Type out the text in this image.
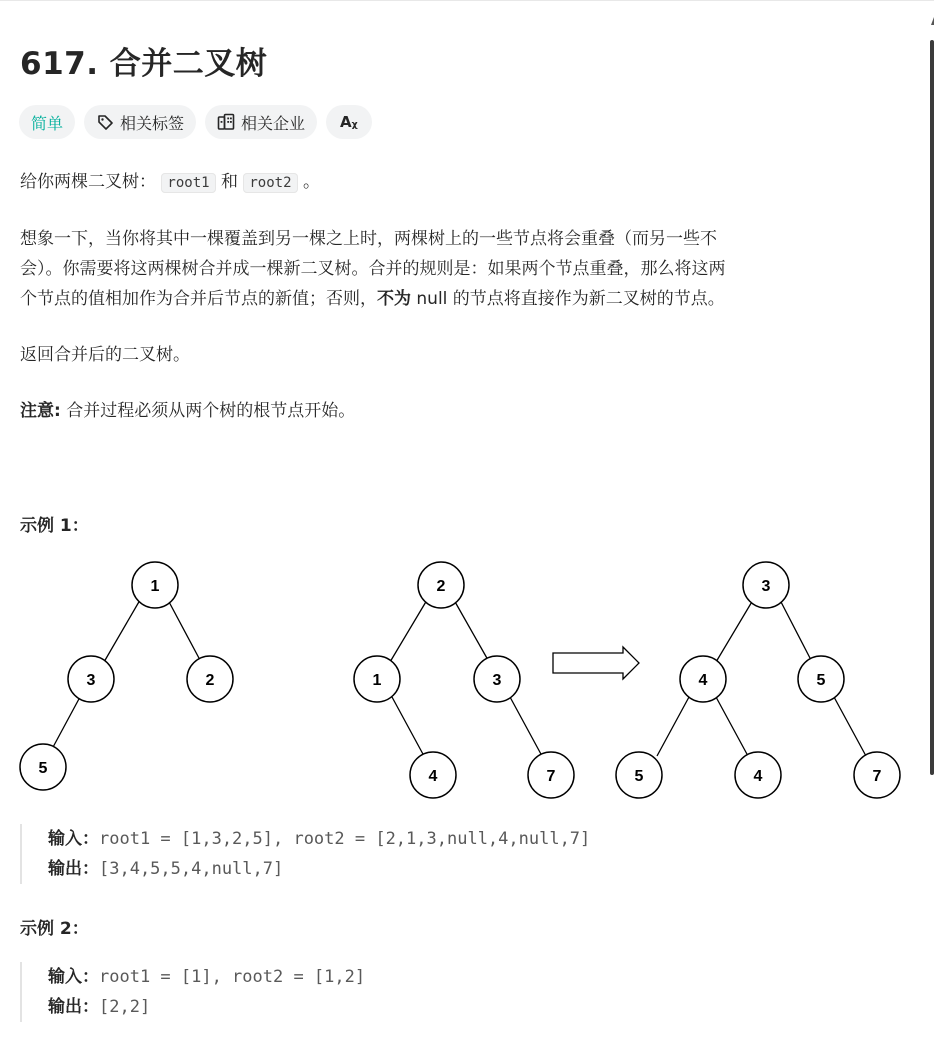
617. 合并二叉树
简单	相关标签	相关企业 Aᵪ

给你两棵二叉树： root1 和 root2 。

想象一下，当你将其中一棵覆盖到另一棵之上时，两棵树上的一些节点将会重叠（而另一些不
会）。你需要将这两棵树合并成一棵新二叉树。合并的规则是：如果两个节点重叠，那么将这两
个节点的值相加作为合并后节点的新值；否则，不为 null 的节点将直接作为新二叉树的节点。

返回合并后的二叉树。

注意: 合并过程必须从两个树的根节点开始。

示例 1：
1
3	2
5
2
1	3
4	7
3
4	5
5	4	7
输入：root1 = [1,3,2,5], root2 = [2,1,3,null,4,null,7]
输出：[3,4,5,5,4,null,7]
示例 2：
输入：root1 = [1], root2 = [1,2]
输出：[2,2]
